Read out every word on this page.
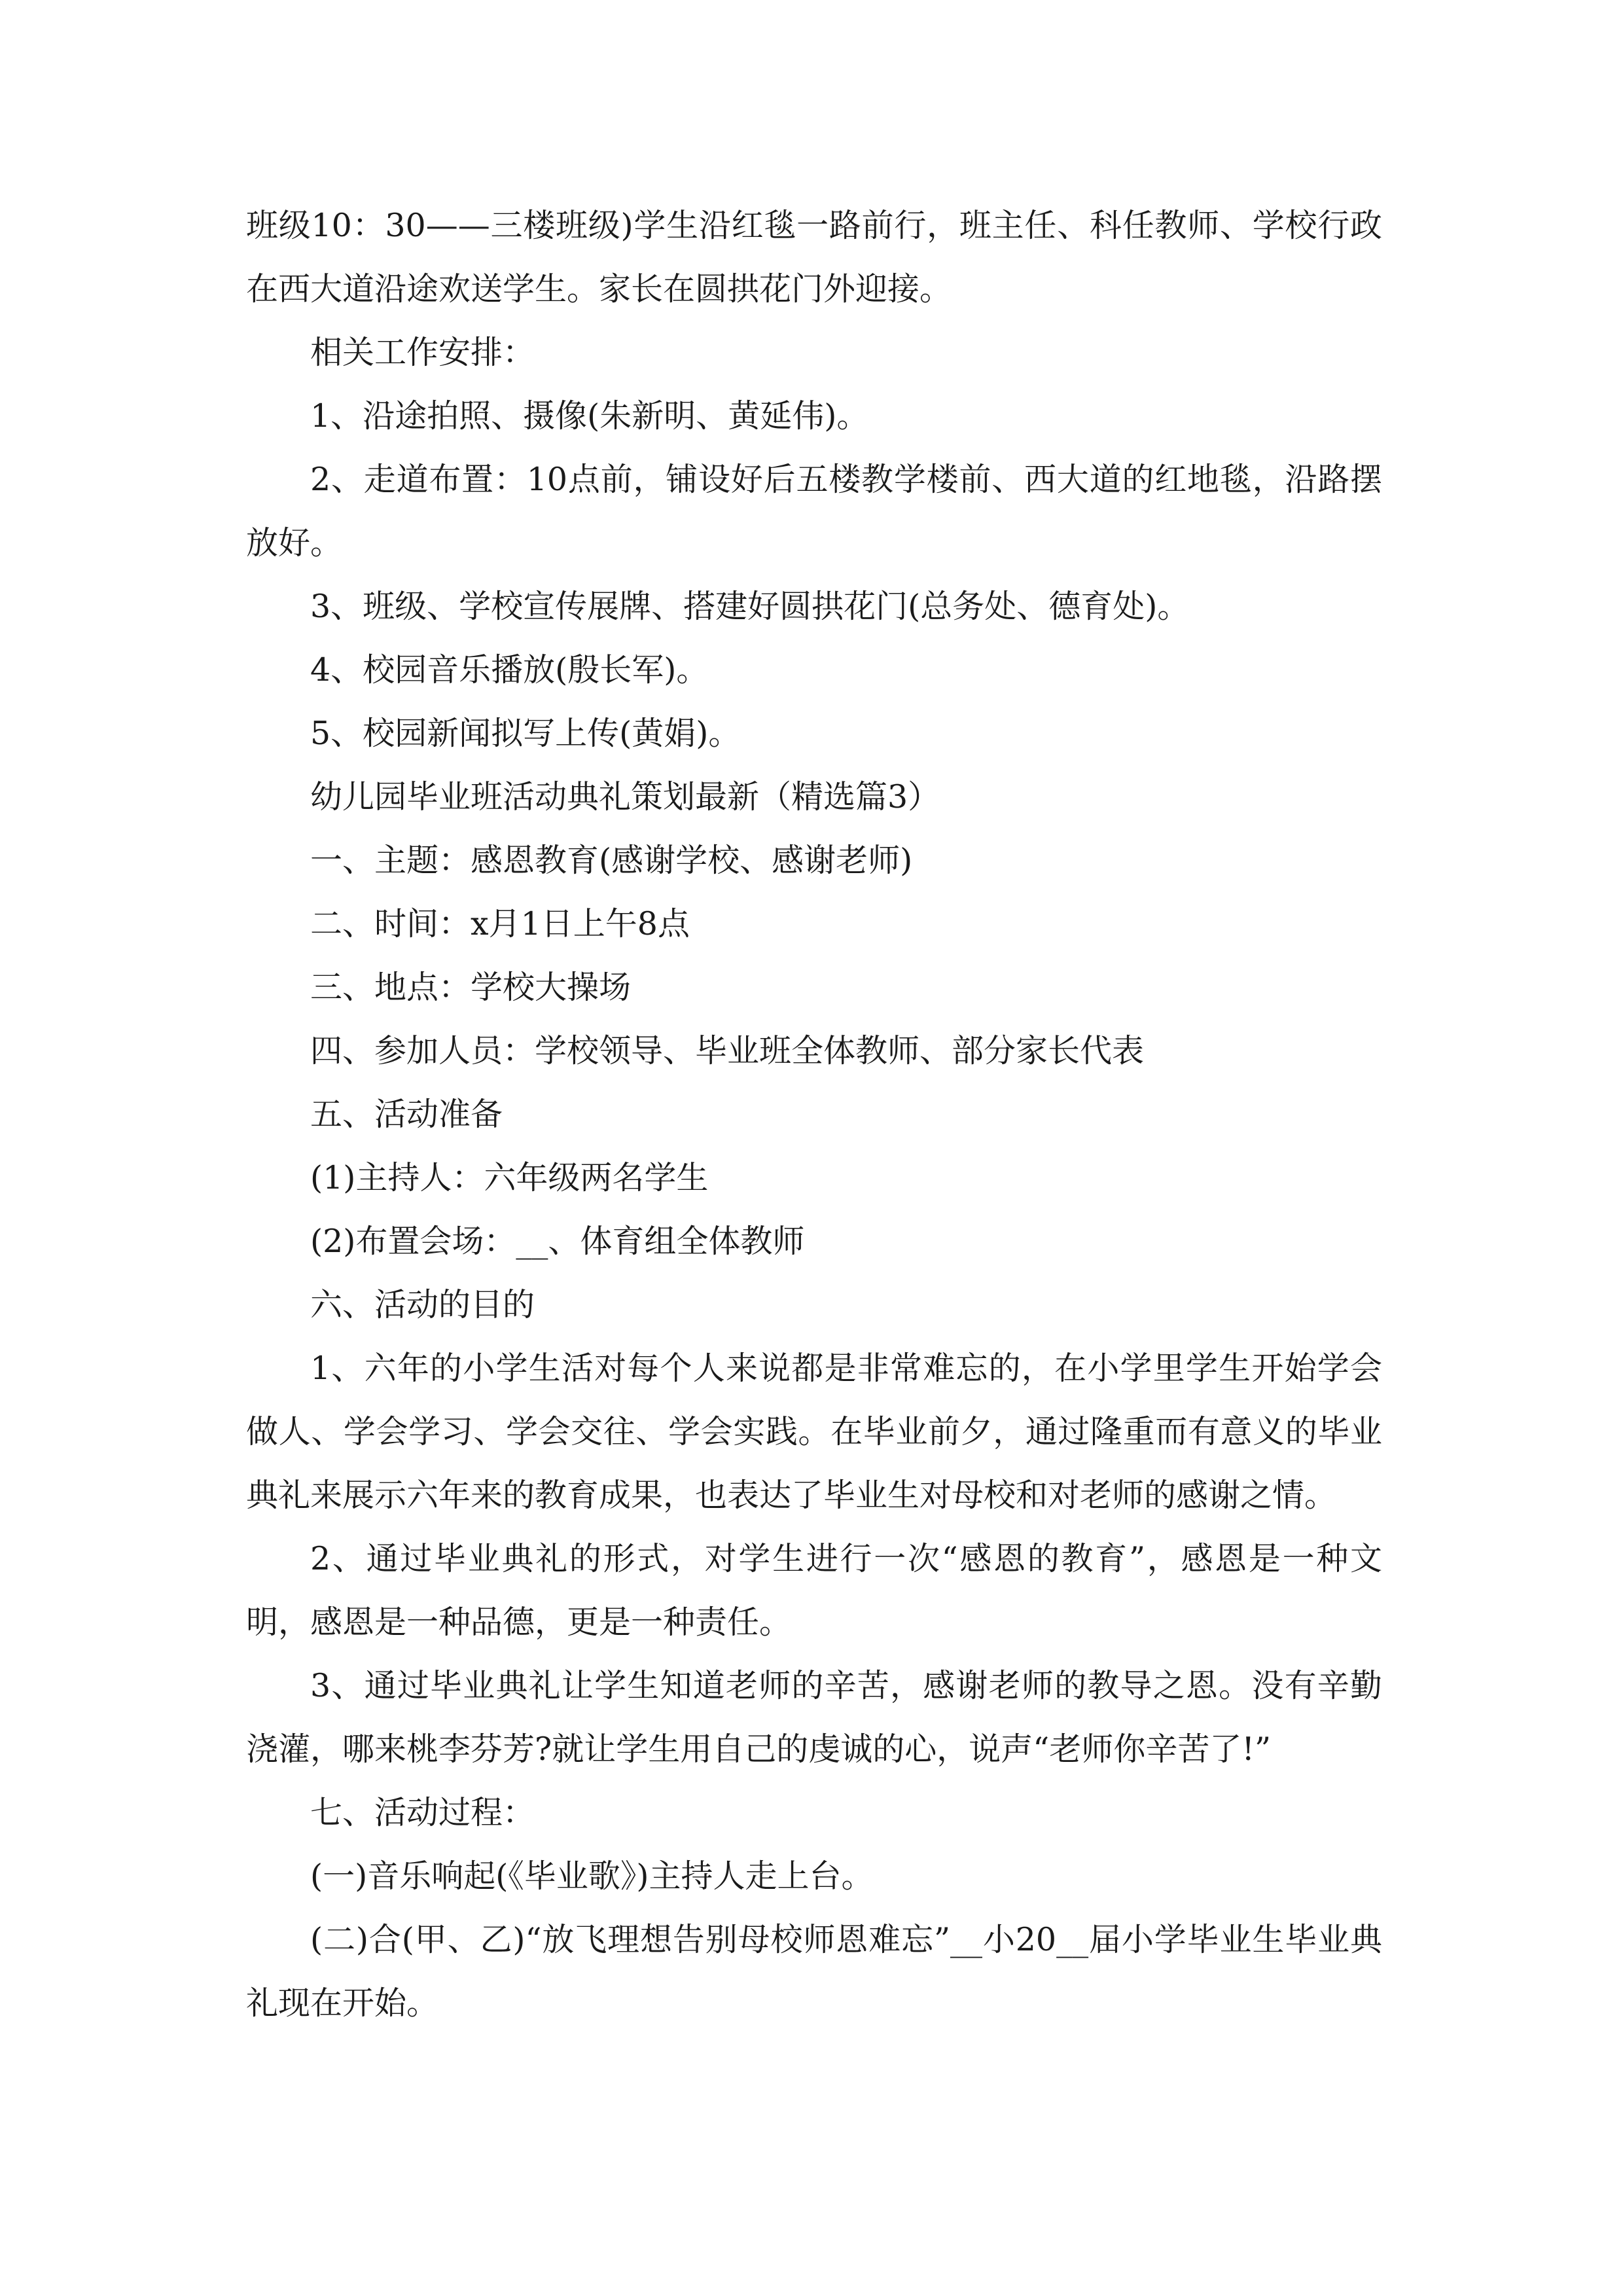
班级10：30——三楼班级)学生沿红毯一路前行，班主任、科任教师、学校行政在西大道沿途欢送学生。家长在圆拱花门外迎接。

相关工作安排：

1、沿途拍照、摄像(朱新明、黄延伟)。

2、走道布置：10点前，铺设好后五楼教学楼前、西大道的红地毯，沿路摆放好。

3、班级、学校宣传展牌、搭建好圆拱花门(总务处、德育处)。

4、校园音乐播放(殷长军)。

5、校园新闻拟写上传(黄娟)。

幼儿园毕业班活动典礼策划最新（精选篇3）

一、主题：感恩教育(感谢学校、感谢老师)

二、时间：x月1日上午8点

三、地点：学校大操场

四、参加人员：学校领导、毕业班全体教师、部分家长代表

五、活动准备

(1)主持人：六年级两名学生

(2)布置会场：__、体育组全体教师

六、活动的目的

1、六年的小学生活对每个人来说都是非常难忘的，在小学里学生开始学会做人、学会学习、学会交往、学会实践。在毕业前夕，通过隆重而有意义的毕业典礼来展示六年来的教育成果，也表达了毕业生对母校和对老师的感谢之情。

2、通过毕业典礼的形式，对学生进行一次“感恩的教育”，感恩是一种文明，感恩是一种品德，更是一种责任。

3、通过毕业典礼让学生知道老师的辛苦，感谢老师的教导之恩。没有辛勤浇灌，哪来桃李芬芳?就让学生用自己的虔诚的心，说声“老师你辛苦了!”

七、活动过程：

(一)音乐响起(《毕业歌》)主持人走上台。

(二)合(甲、乙)“放飞理想告别母校师恩难忘”__小20__届小学毕业生毕业典礼现在开始。
